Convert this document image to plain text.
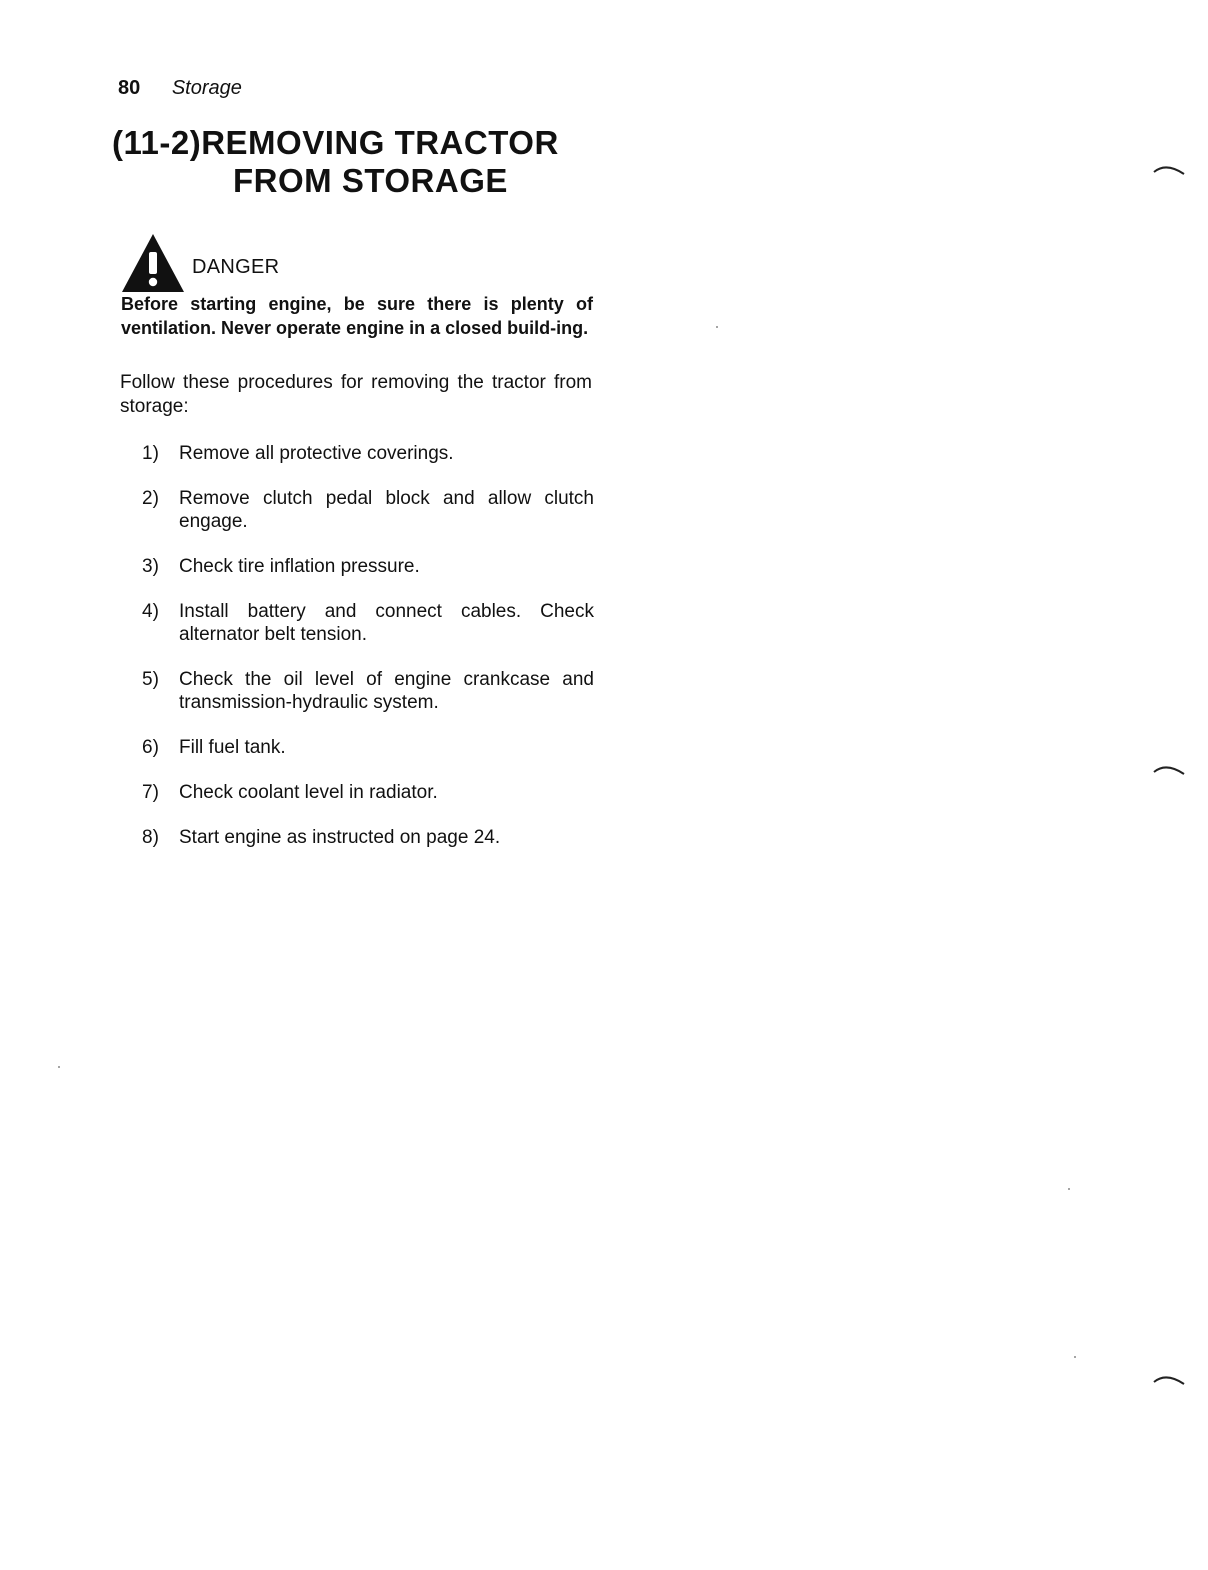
80 Storage
(11-2)REMOVING TRACTOR
FROM STORAGE
DANGER
Before starting engine, be sure there is plenty of ventilation. Never operate engine in a closed build-ing.
Follow these procedures for removing the tractor from storage:
1)	Remove all protective coverings.
2)	Remove clutch pedal block and allow clutch engage.
3)	Check tire inflation pressure.
4)	Install battery and connect cables. Check alternator belt tension.
5)	Check the oil level of engine crankcase and transmission-hydraulic system.
6)	Fill fuel tank.
7)	Check coolant level in radiator.
8)	Start engine as instructed on page 24.
